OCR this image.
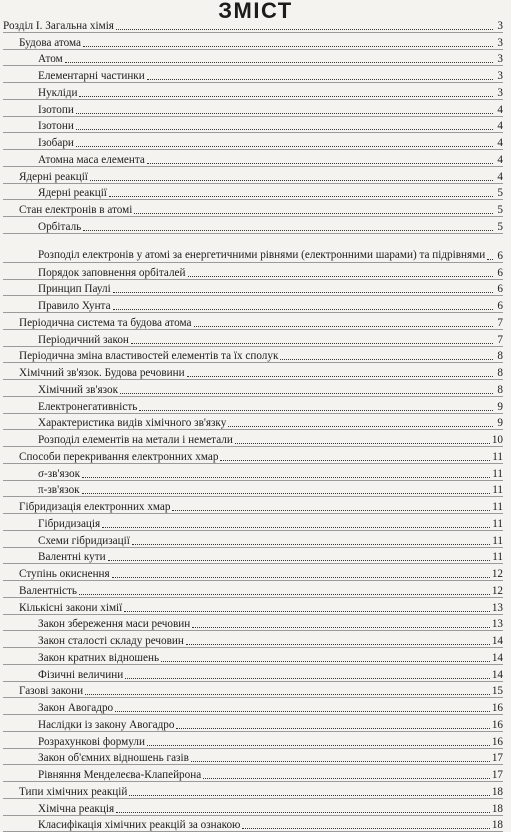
ЗМІСТ
Розділ І. Загальна хімія	3
Будова атома	3
Атом	3
Елементарні частинки	3
Нукліди	3
Ізотопи	4
Ізотони	4
Ізобари	4
Атомна маса елемента	4
Ядерні реакції	4
Ядерні реакції	5
Стан електронів в атомі	5
Орбіталь	5
Розподіл електронів у атомі за енергетичними рівнями (електронними шарами) та підрівнями 6
Порядок заповнення орбіталей	6
Принцип Паулі	6
Правило Хунта	6
Періодична система та будова атома	7
Періодичний закон	7
Періодична зміна властивостей елементів та їх сполук	8
Хімічний зв'язок. Будова речовини	8
Хімічний зв'язок	8
Електронегативність	9
Характеристика видів хімічного зв'язку	9
Розподіл елементів на метали і неметали	10
Способи перекривання електронних хмар	11
σ-зв'язок	11
π-зв'язок	11
Гібридизація електронних хмар	11
Гібридизація	11
Схеми гібридизації	11
Валентні кути	11
Ступінь окиснення	12
Валентність	12
Кількісні закони хімії	13
Закон збереження маси речовин	13
Закон сталості складу речовин	14
Закон кратних відношень	14
Фізичні величини	14
Газові закони	15
Закон Авогадро	16
Наслідки із закону Авогадро	16
Розрахункові формули	16
Закон об'ємних відношень газів	17
Рівняння Менделеєва-Клапейрона	17
Типи хімічних реакцій	18
Хімічна реакція	18
Класифікація хімічних реакцій за ознакою	18
